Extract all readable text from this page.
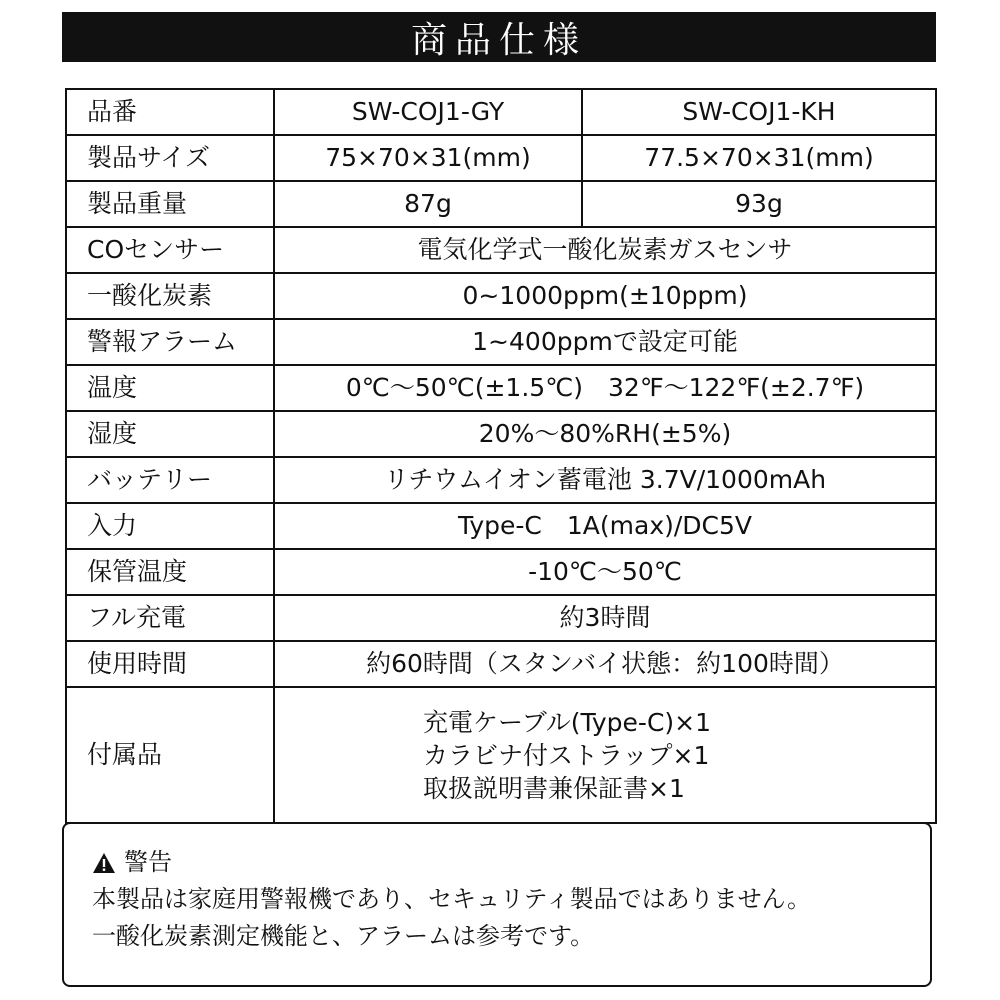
商品仕様
品番	SW-COJ1-GY	SW-COJ1-KH
製品サイズ	75×70×31(mm)	77.5×70×31(mm)
製品重量	87g	93g
COセンサー	電気化学式一酸化炭素ガスセンサ	
一酸化炭素	0~1000ppm(±10ppm)	
警報アラーム	1~400ppmで設定可能	
温度	0℃～50℃(±1.5℃)　32℉～122℉(±2.7℉)	
湿度	20%～80%RH(±5%)	
バッテリー	リチウムイオン蓄電池 3.7V/1000mAh	
入力	Type-C　1A(max)/DC5V	
保管温度	-10℃～50℃	
フル充電	約3時間	
使用時間	約60時間（スタンバイ状態：約100時間）	
付属品	充電ケーブル(Type-C)×1
カラビナ付ストラップ×1
取扱説明書兼保証書×1	
警告
本製品は家庭用警報機であり、セキュリティ製品ではありません。
一酸化炭素測定機能と、アラームは参考です。
